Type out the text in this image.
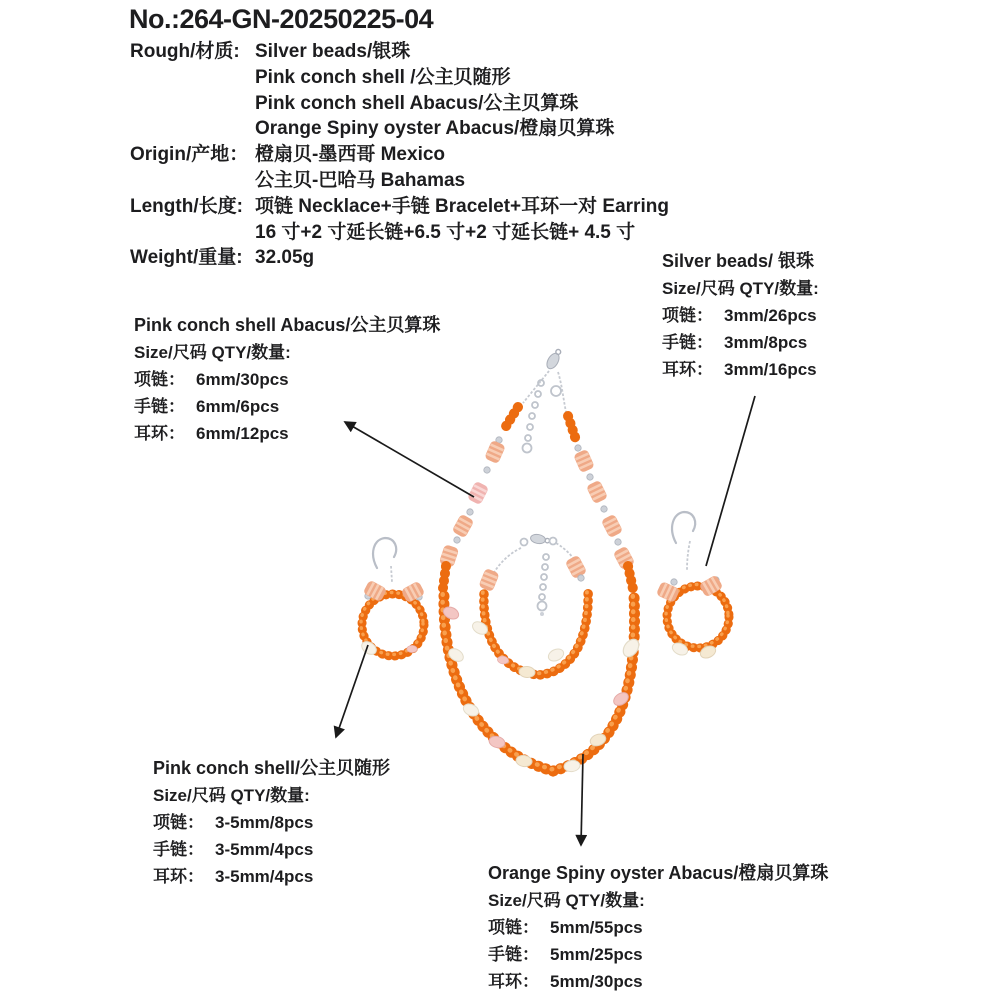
No.:264-GN-20250225-04
Rough/材质: Silver beads/银珠
Pink conch shell /公主贝随形
Pink conch shell Abacus/公主贝算珠
Orange Spiny oyster Abacus/橙扇贝算珠
Origin/产地： 橙扇贝-墨西哥 Mexico
公主贝-巴哈马 Bahamas
Length/长度: 项链 Necklace+手链 Bracelet+耳环一对 Earring
16 寸+2 寸延长链+6.5 寸+2 寸延长链+ 4.5 寸
Weight/重量: 32.05g	Silver beads/ 银珠
Size/尺码 QTY/数量:
项链： 3mm/26pcs
手链： 3mm/8pcs
耳环： 3mm/16pcs
Pink conch shell Abacus/公主贝算珠
Size/尺码 QTY/数量:
项链： 6mm/30pcs
手链： 6mm/6pcs
耳环： 6mm/12pcs
Pink conch shell/公主贝随形
Size/尺码 QTY/数量:
项链： 3-5mm/8pcs
手链： 3-5mm/4pcs
耳环： 3-5mm/4pcs	Orange Spiny oyster Abacus/橙扇贝算珠
Size/尺码 QTY/数量:
项链： 5mm/55pcs
手链： 5mm/25pcs
耳环： 5mm/30pcs
